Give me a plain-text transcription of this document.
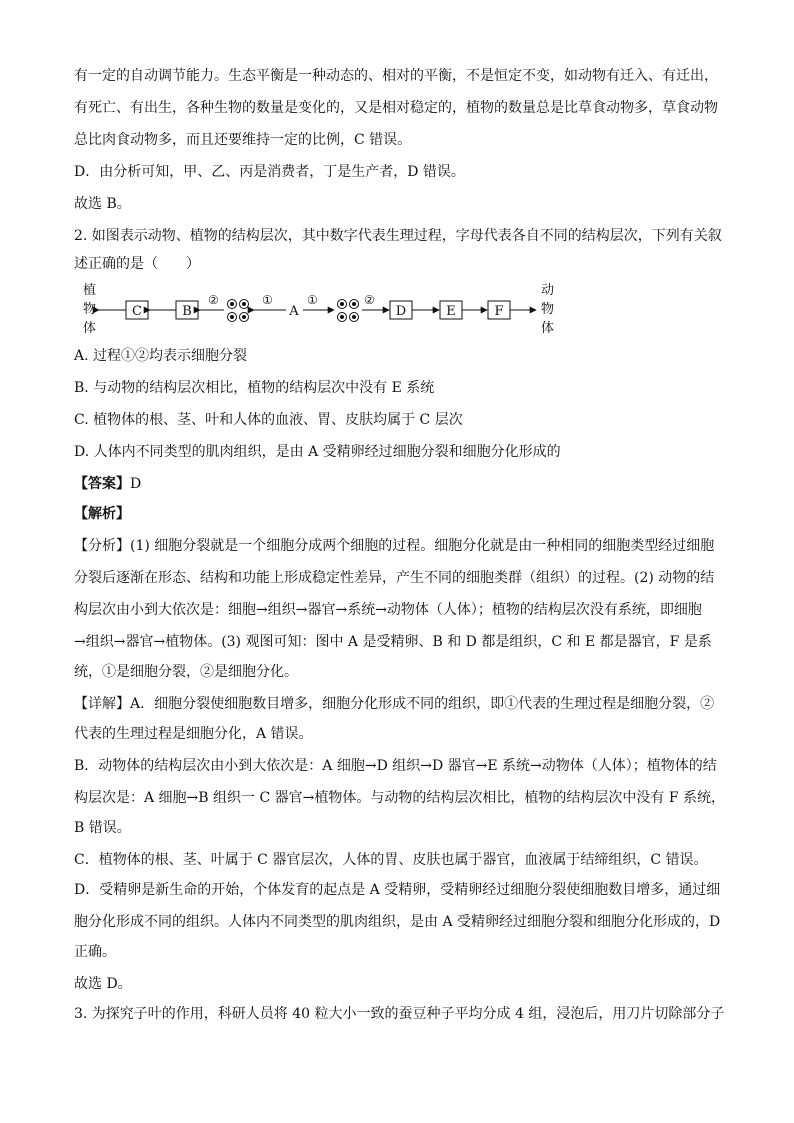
有一定的自动调节能力。生态平衡是一种动态的、相对的平衡，不是恒定不变，如动物有迁入、有迁出，
有死亡、有出生，各种生物的数量是变化的，又是相对稳定的，植物的数量总是比草食动物多，草食动物
总比肉食动物多，而且还要维持一定的比例，C 错误。
D．由分析可知，甲、乙、丙是消费者，丁是生产者，D 错误。
故选 B。
2. 如图表示动物、植物的结构层次，其中数字代表生理过程，字母代表各自不同的结构层次，下列有关叙
述正确的是（　　）
植
物
体
动
物
体
C	B
②	①
A
①	②
D	E	F
A. 过程①②均表示细胞分裂
B. 与动物的结构层次相比，植物的结构层次中没有 E 系统
C. 植物体的根、茎、叶和人体的血液、胃、皮肤均属于 C 层次
D. 人体内不同类型的肌肉组织，是由 A 受精卵经过细胞分裂和细胞分化形成的
【答案】D
【解析】
【分析】(1) 细胞分裂就是一个细胞分成两个细胞的过程。细胞分化就是由一种相同的细胞类型经过细胞
分裂后逐渐在形态、结构和功能上形成稳定性差异，产生不同的细胞类群（组织）的过程。(2) 动物的结
构层次由小到大依次是：细胞→组织→器官→系统→动物体（人体）；植物的结构层次没有系统，即细胞
→组织→器官→植物体。(3) 观图可知：图中 A 是受精卵、B 和 D 都是组织，C 和 E 都是器官，F 是系
统，①是细胞分裂，②是细胞分化。
【详解】A．细胞分裂使细胞数目增多，细胞分化形成不同的组织，即①代表的生理过程是细胞分裂，②
代表的生理过程是细胞分化，A 错误。
B．动物体的结构层次由小到大依次是：A 细胞→D 组织→D 器官→E 系统→动物体（人体）；植物体的结
构层次是：A 细胞→B 组织一 C 器官→植物体。与动物的结构层次相比，植物的结构层次中没有 F 系统，
B 错误。
C．植物体的根、茎、叶属于 C 器官层次，人体的胃、皮肤也属于器官，血液属于结缔组织，C 错误。
D．受精卵是新生命的开始，个体发育的起点是 A 受精卵，受精卵经过细胞分裂使细胞数目增多，通过细
胞分化形成不同的组织。人体内不同类型的肌肉组织，是由 A 受精卵经过细胞分裂和细胞分化形成的，D
正确。
故选 D。
3. 为探究子叶的作用，科研人员将 40 粒大小一致的蚕豆种子平均分成 4 组，浸泡后，用刀片切除部分子
